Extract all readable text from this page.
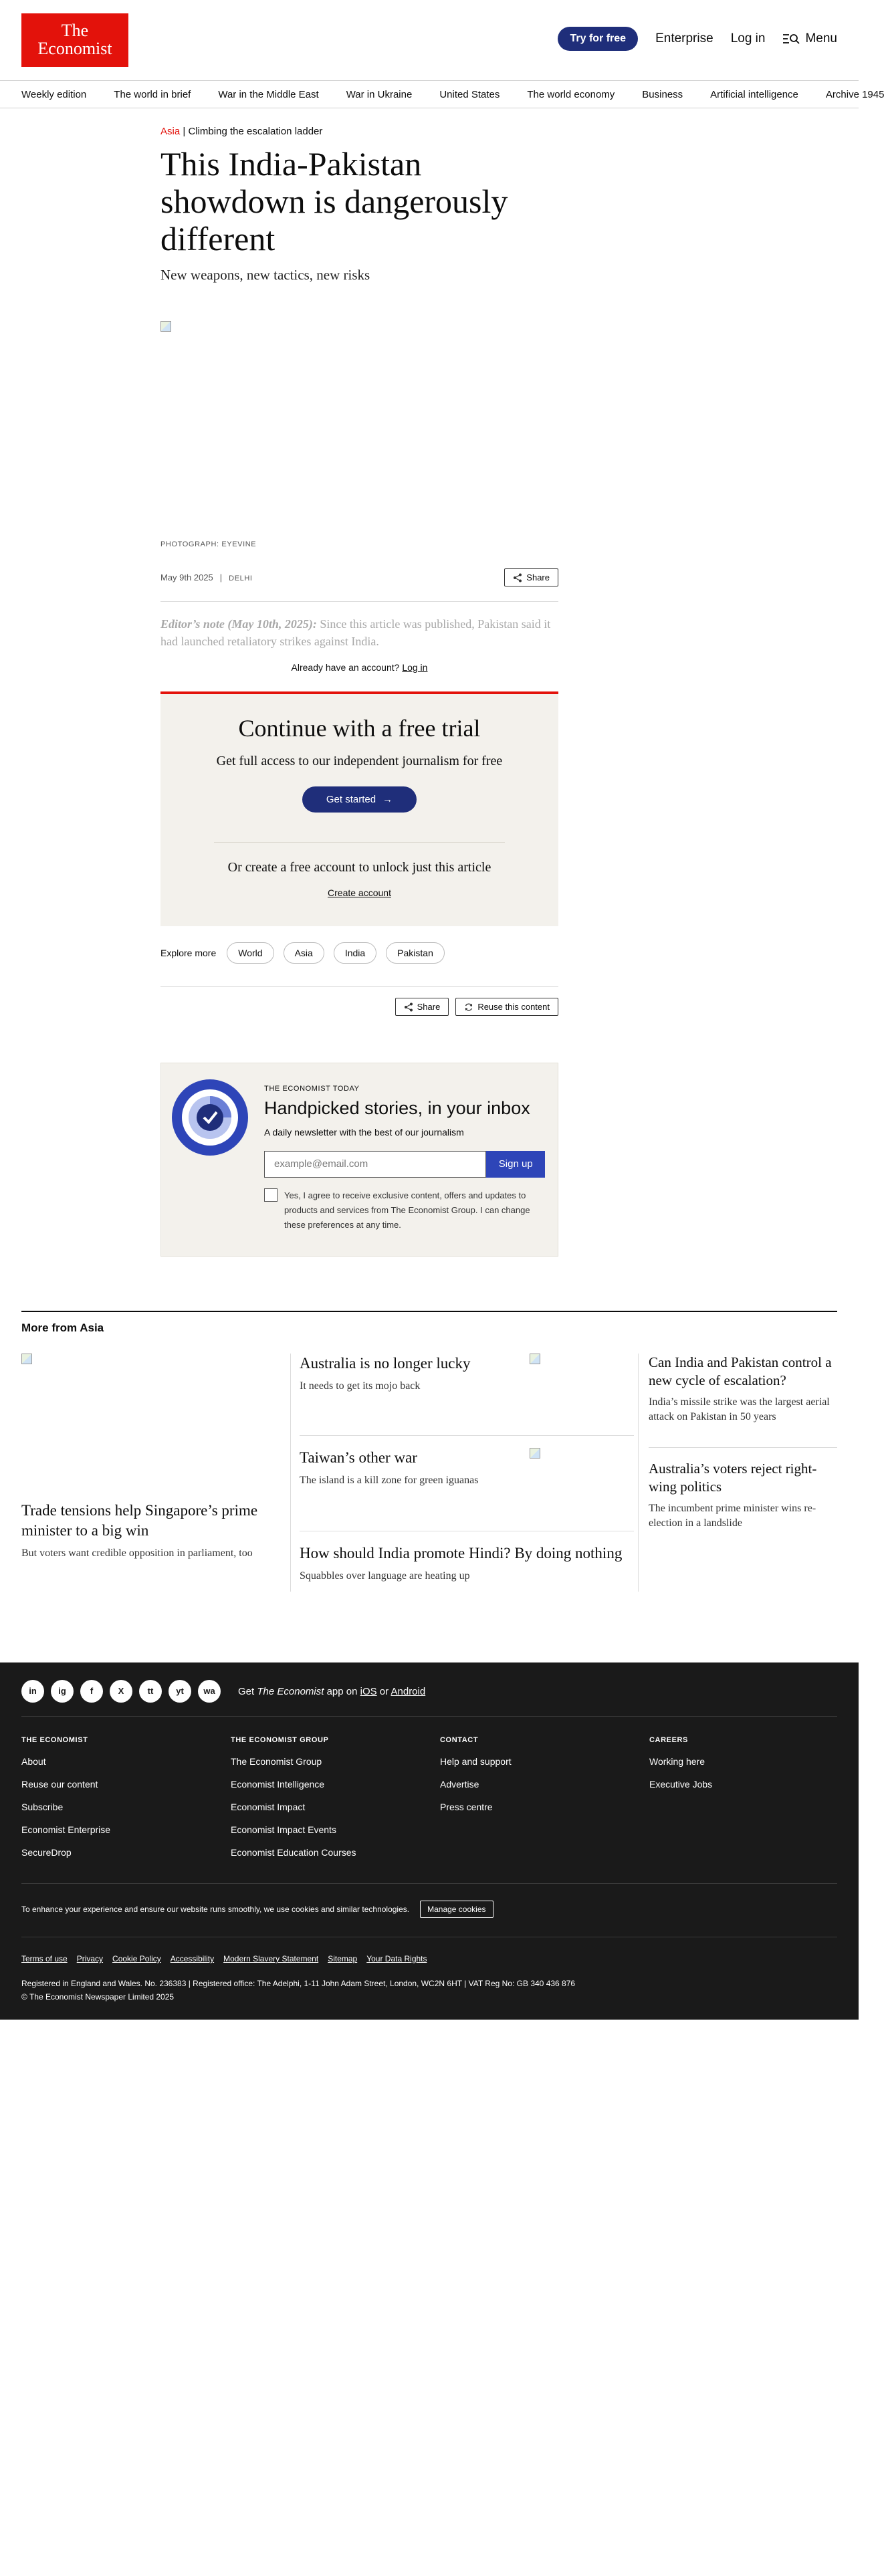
The
Economist
Try for free	Enterprise Log in	Menu
Weekly edition	The world in brief	War in the Middle East	War in Ukraine	United States	The world economy	Business	Artificial intelligence	Archive 1945
Asia | Climbing the escalation ladder
This India-Pakistan showdown is dangerously different

New weapons, new tactics, new risks

PHOTOGRAPH: EYEVINE
May 9th 2025 | DELHI	Share

Editor’s note (May 10th, 2025): Since this article was published, Pakistan said it had launched retaliatory strikes against India.

Already have an account? Log in

Continue with a free trial

Get full access to our independent journalism for free

Get started →

Or create a free account to unlock just this article

Create account
Explore more	World	Asia	India	Pakistan
Share	Reuse this content
THE ECONOMIST TODAY
Handpicked stories, in your inbox
A daily newsletter with the best of our journalism
example@email.com	Sign up
Yes, I agree to receive exclusive content, offers and updates to products and services from The Economist Group. I can change these preferences at any time.
More from Asia
Trade tensions help Singapore’s prime minister to a big win
But voters want credible opposition in parliament, too
Australia is no longer lucky
It needs to get its mojo back
Taiwan’s other war
The island is a kill zone for green iguanas
How should India promote Hindi? By doing nothing
Squabbles over language are heating up
Can India and Pakistan control a new cycle of escalation?
India’s missile strike was the largest aerial attack on Pakistan in 50 years
Australia’s voters reject right-wing politics
The incumbent prime minister wins re-election in a landslide
in	ig	f	X	tt	yt	wa	Get The Economist app on iOS or Android
THE ECONOMIST
About
Reuse our content
Subscribe
Economist Enterprise
SecureDrop
THE ECONOMIST GROUP
The Economist Group
Economist Intelligence
Economist Impact
Economist Impact Events
Economist Education Courses
CONTACT
Help and support
Advertise
Press centre
CAREERS
Working here
Executive Jobs
To enhance your experience and ensure our website runs smoothly, we use cookies and similar technologies.	Manage cookies
Terms of use Privacy Cookie Policy Accessibility Modern Slavery Statement Sitemap Your Data Rights
Registered in England and Wales. No. 236383 | Registered office: The Adelphi, 1-11 John Adam Street, London, WC2N 6HT | VAT Reg No: GB 340 436 876
© The Economist Newspaper Limited 2025
